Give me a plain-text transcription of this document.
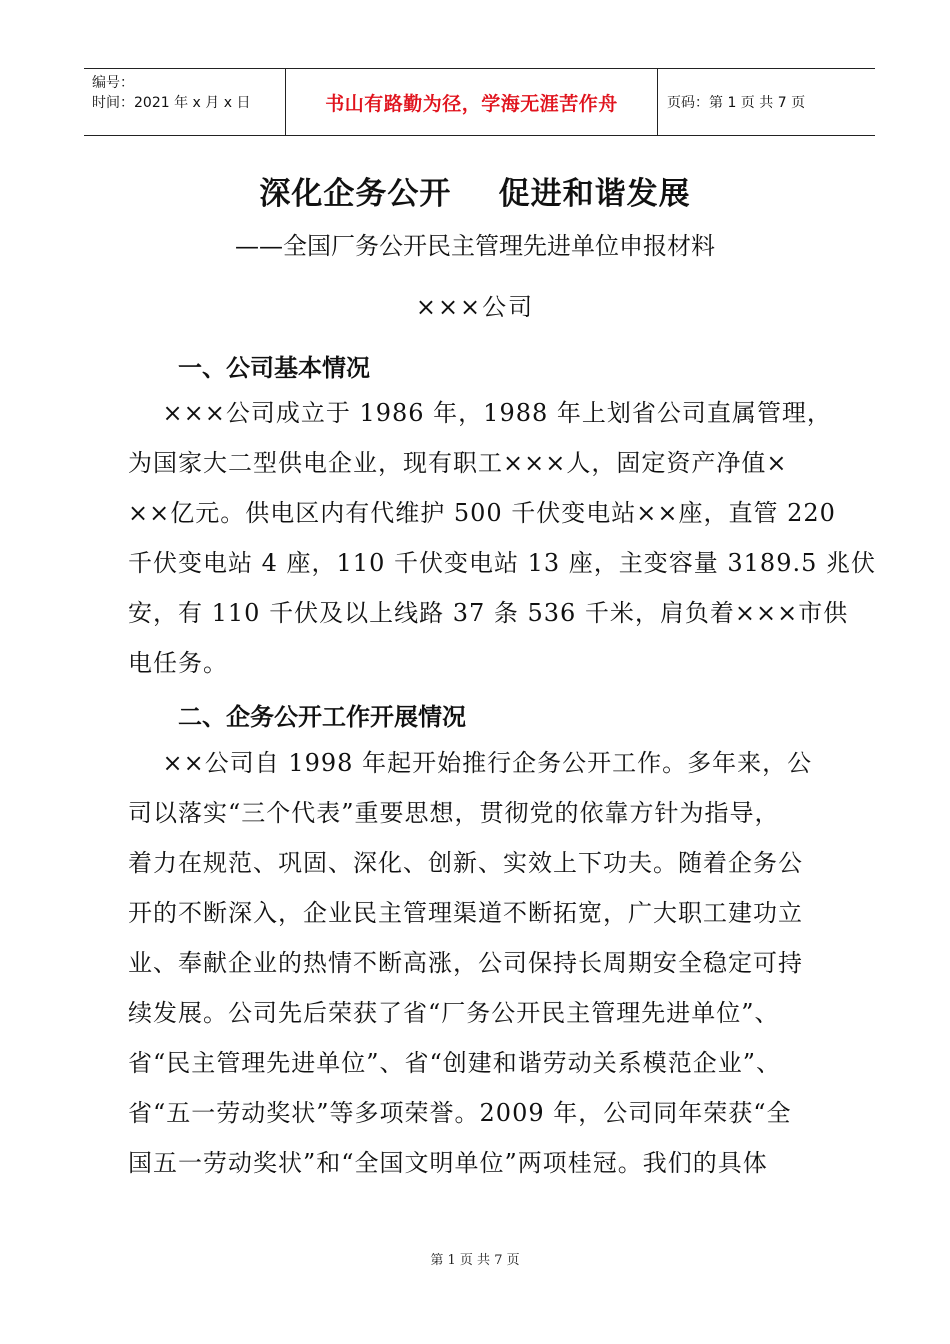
编号：
时间：2021 年 x 月 x 日	书山有路勤为径，学海无涯苦作舟	页码：第 1 页 共 7 页
深化企务公开    促进和谐发展
——全国厂务公开民主管理先进单位申报材料
×××公司
一、公司基本情况
×××公司成立于 1986 年，1988 年上划省公司直属管理，
为国家大二型供电企业，现有职工×××人，固定资产净值×
××亿元。供电区内有代维护 500 千伏变电站××座，直管 220
千伏变电站 4 座，110 千伏变电站 13 座，主变容量 3189.5 兆伏
安，有 110 千伏及以上线路 37 条 536 千米，肩负着×××市供
电任务。
二、企务公开工作开展情况
××公司自 1998 年起开始推行企务公开工作。多年来，公
司以落实“三个代表”重要思想，贯彻党的依靠方针为指导，
着力在规范、巩固、深化、创新、实效上下功夫。随着企务公
开的不断深入，企业民主管理渠道不断拓宽，广大职工建功立
业、奉献企业的热情不断高涨，公司保持长周期安全稳定可持
续发展。公司先后荣获了省“厂务公开民主管理先进单位”、
省“民主管理先进单位”、省“创建和谐劳动关系模范企业”、
省“五一劳动奖状”等多项荣誉。2009 年，公司同年荣获“全
国五一劳动奖状”和“全国文明单位”两项桂冠。我们的具体
第 1 页 共 7 页
